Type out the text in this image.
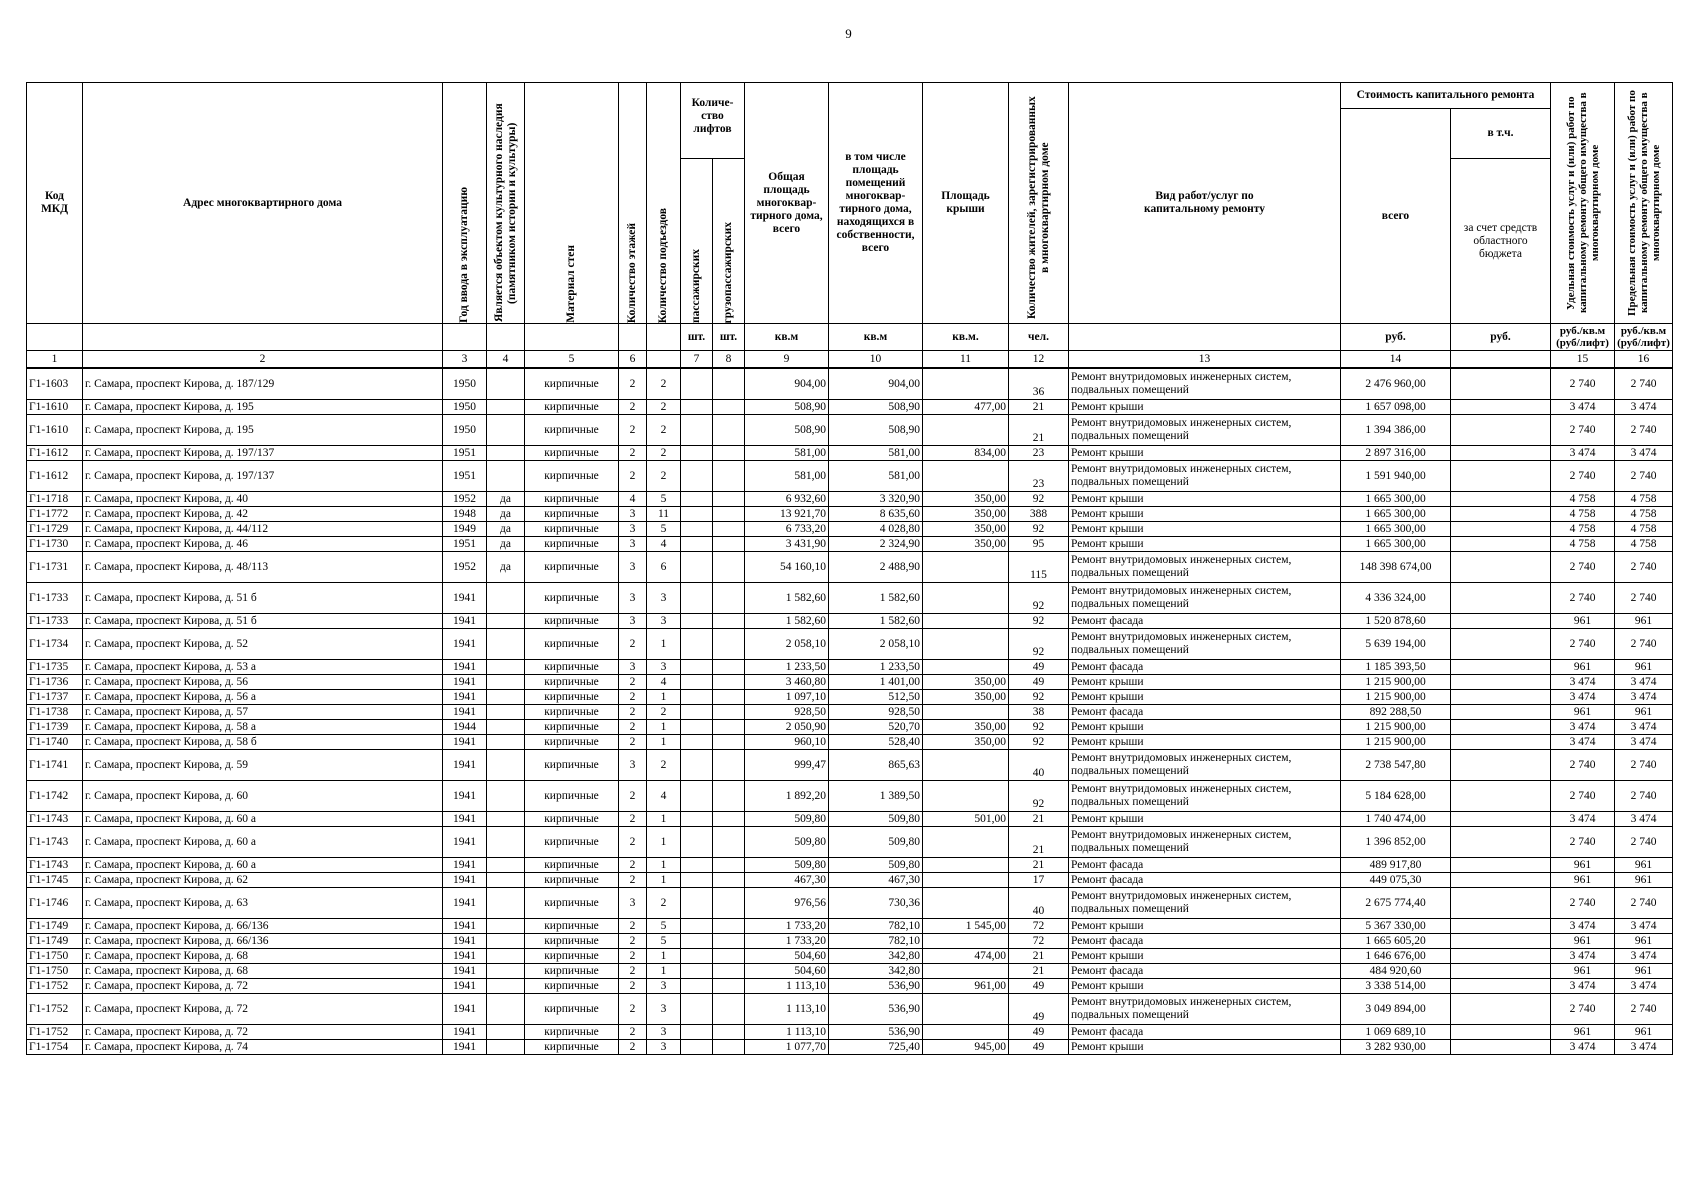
9
Код МКД	Адрес многоквартирного дома	Год ввода в эксплуатацию	Является объектом культурного наследия (памятником истории и культуры)	Материал стен	Количество этажей	Количество подъездов	Количе-ство лифтов		Общая площадь многоквар-тирного дома, всего	в том числе площадь помещений многоквар-тирного дома, находящихся в собственности, всего	Площадь крыши	Количество жителей, зарегистрированных в многоквартирном доме	Вид работ/услуг по капитальному ремонту	Стоимость капитального ремонта		Удельная стоимость услуг и (или) работ по капитальному ремонту общего имущества в многоквартирном доме	Предельная стоимость услуг и (или) работ по капитальному ремонту общего имущества в многоквартирном доме

														всего	в т.ч.		

							пассажирских	грузопассажирских							за счет средств областного бюджета		
							шт.	шт.	кв.м	кв.м	кв.м.	чел.		руб.	руб.	руб./кв.м (руб/лифт)	руб./кв.м (руб/лифт)
1	2	3	4	5	6		7	8	9	10	11	12	13	14		15	16
Г1-1603	г. Самара, проспект Кирова, д. 187/129	1950		кирпичные	2	2			904,00	904,00		36	Ремонт внутридомовых инженерных систем, подвальных помещений	2 476 960,00		2 740	2 740
Г1-1610	г. Самара, проспект Кирова, д. 195	1950		кирпичные	2	2			508,90	508,90	477,00	21	Ремонт крыши	1 657 098,00		3 474	3 474
Г1-1610	г. Самара, проспект Кирова, д. 195	1950		кирпичные	2	2			508,90	508,90		21	Ремонт внутридомовых инженерных систем, подвальных помещений	1 394 386,00		2 740	2 740
Г1-1612	г. Самара, проспект Кирова, д. 197/137	1951		кирпичные	2	2			581,00	581,00	834,00	23	Ремонт крыши	2 897 316,00		3 474	3 474
Г1-1612	г. Самара, проспект Кирова, д. 197/137	1951		кирпичные	2	2			581,00	581,00		23	Ремонт внутридомовых инженерных систем, подвальных помещений	1 591 940,00		2 740	2 740
Г1-1718	г. Самара, проспект Кирова, д. 40	1952	да	кирпичные	4	5			6 932,60	3 320,90	350,00	92	Ремонт крыши	1 665 300,00		4 758	4 758
Г1-1772	г. Самара, проспект Кирова, д. 42	1948	да	кирпичные	3	11			13 921,70	8 635,60	350,00	388	Ремонт крыши	1 665 300,00		4 758	4 758
Г1-1729	г. Самара, проспект Кирова, д. 44/112	1949	да	кирпичные	3	5			6 733,20	4 028,80	350,00	92	Ремонт крыши	1 665 300,00		4 758	4 758
Г1-1730	г. Самара, проспект Кирова, д. 46	1951	да	кирпичные	3	4			3 431,90	2 324,90	350,00	95	Ремонт крыши	1 665 300,00		4 758	4 758
Г1-1731	г. Самара, проспект Кирова, д. 48/113	1952	да	кирпичные	3	6			54 160,10	2 488,90		115	Ремонт внутридомовых инженерных систем, подвальных помещений	148 398 674,00		2 740	2 740
Г1-1733	г. Самара, проспект Кирова, д. 51 б	1941		кирпичные	3	3			1 582,60	1 582,60		92	Ремонт внутридомовых инженерных систем, подвальных помещений	4 336 324,00		2 740	2 740
Г1-1733	г. Самара, проспект Кирова, д. 51 б	1941		кирпичные	3	3			1 582,60	1 582,60		92	Ремонт фасада	1 520 878,60		961	961
Г1-1734	г. Самара, проспект Кирова, д. 52	1941		кирпичные	2	1			2 058,10	2 058,10		92	Ремонт внутридомовых инженерных систем, подвальных помещений	5 639 194,00		2 740	2 740
Г1-1735	г. Самара, проспект Кирова, д. 53 а	1941		кирпичные	3	3			1 233,50	1 233,50		49	Ремонт фасада	1 185 393,50		961	961
Г1-1736	г. Самара, проспект Кирова, д. 56	1941		кирпичные	2	4			3 460,80	1 401,00	350,00	49	Ремонт крыши	1 215 900,00		3 474	3 474
Г1-1737	г. Самара, проспект Кирова, д. 56 а	1941		кирпичные	2	1			1 097,10	512,50	350,00	92	Ремонт крыши	1 215 900,00		3 474	3 474
Г1-1738	г. Самара, проспект Кирова, д. 57	1941		кирпичные	2	2			928,50	928,50		38	Ремонт фасада	892 288,50		961	961
Г1-1739	г. Самара, проспект Кирова, д. 58 а	1944		кирпичные	2	1			2 050,90	520,70	350,00	92	Ремонт крыши	1 215 900,00		3 474	3 474
Г1-1740	г. Самара, проспект Кирова, д. 58 б	1941		кирпичные	2	1			960,10	528,40	350,00	92	Ремонт крыши	1 215 900,00		3 474	3 474
Г1-1741	г. Самара, проспект Кирова, д. 59	1941		кирпичные	3	2			999,47	865,63		40	Ремонт внутридомовых инженерных систем, подвальных помещений	2 738 547,80		2 740	2 740
Г1-1742	г. Самара, проспект Кирова, д. 60	1941		кирпичные	2	4			1 892,20	1 389,50		92	Ремонт внутридомовых инженерных систем, подвальных помещений	5 184 628,00		2 740	2 740
Г1-1743	г. Самара, проспект Кирова, д. 60 а	1941		кирпичные	2	1			509,80	509,80	501,00	21	Ремонт крыши	1 740 474,00		3 474	3 474
Г1-1743	г. Самара, проспект Кирова, д. 60 а	1941		кирпичные	2	1			509,80	509,80		21	Ремонт внутридомовых инженерных систем, подвальных помещений	1 396 852,00		2 740	2 740
Г1-1743	г. Самара, проспект Кирова, д. 60 а	1941		кирпичные	2	1			509,80	509,80		21	Ремонт фасада	489 917,80		961	961
Г1-1745	г. Самара, проспект Кирова, д. 62	1941		кирпичные	2	1			467,30	467,30		17	Ремонт фасада	449 075,30		961	961
Г1-1746	г. Самара, проспект Кирова, д. 63	1941		кирпичные	3	2			976,56	730,36		40	Ремонт внутридомовых инженерных систем, подвальных помещений	2 675 774,40		2 740	2 740
Г1-1749	г. Самара, проспект Кирова, д. 66/136	1941		кирпичные	2	5			1 733,20	782,10	1 545,00	72	Ремонт крыши	5 367 330,00		3 474	3 474
Г1-1749	г. Самара, проспект Кирова, д. 66/136	1941		кирпичные	2	5			1 733,20	782,10		72	Ремонт фасада	1 665 605,20		961	961
Г1-1750	г. Самара, проспект Кирова, д. 68	1941		кирпичные	2	1			504,60	342,80	474,00	21	Ремонт крыши	1 646 676,00		3 474	3 474
Г1-1750	г. Самара, проспект Кирова, д. 68	1941		кирпичные	2	1			504,60	342,80		21	Ремонт фасада	484 920,60		961	961
Г1-1752	г. Самара, проспект Кирова, д. 72	1941		кирпичные	2	3			1 113,10	536,90	961,00	49	Ремонт крыши	3 338 514,00		3 474	3 474
Г1-1752	г. Самара, проспект Кирова, д. 72	1941		кирпичные	2	3			1 113,10	536,90		49	Ремонт внутридомовых инженерных систем, подвальных помещений	3 049 894,00		2 740	2 740
Г1-1752	г. Самара, проспект Кирова, д. 72	1941		кирпичные	2	3			1 113,10	536,90		49	Ремонт фасада	1 069 689,10		961	961
Г1-1754	г. Самара, проспект Кирова, д. 74	1941		кирпичные	2	3			1 077,70	725,40	945,00	49	Ремонт крыши	3 282 930,00		3 474	3 474
